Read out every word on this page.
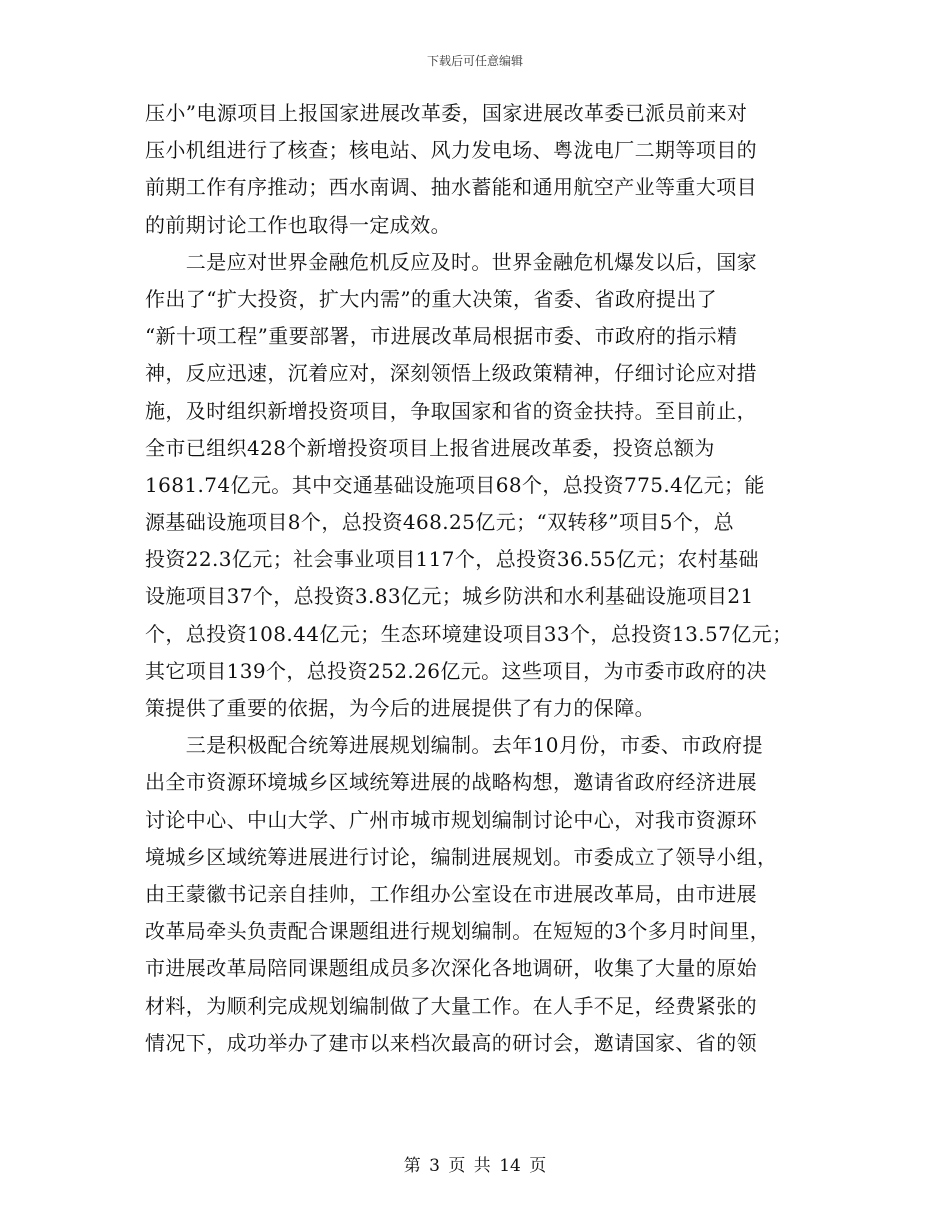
下载后可任意编辑
压小”电源项目上报国家进展改革委，国家进展改革委已派员前来对
压小机组进行了核查；核电站、风力发电场、粤泷电厂二期等项目的
前期工作有序推动；西水南调、抽水蓄能和通用航空产业等重大项目
的前期讨论工作也取得一定成效。
　　二是应对世界金融危机反应及时。世界金融危机爆发以后，国家
作出了“扩大投资，扩大内需”的重大决策，省委、省政府提出了
“新十项工程”重要部署，市进展改革局根据市委、市政府的指示精
神，反应迅速，沉着应对，深刻领悟上级政策精神，仔细讨论应对措
施，及时组织新增投资项目，争取国家和省的资金扶持。至目前止，
全市已组织428个新增投资项目上报省进展改革委，投资总额为
1681.74亿元。其中交通基础设施项目68个，总投资775.4亿元；能
源基础设施项目8个，总投资468.25亿元；“双转移”项目5个，总
投资22.3亿元；社会事业项目117个，总投资36.55亿元；农村基础
设施项目37个，总投资3.83亿元；城乡防洪和水利基础设施项目21
个，总投资108.44亿元；生态环境建设项目33个，总投资13.57亿元；
其它项目139个，总投资252.26亿元。这些项目，为市委市政府的决
策提供了重要的依据，为今后的进展提供了有力的保障。
　　三是积极配合统筹进展规划编制。去年10月份，市委、市政府提
出全市资源环境城乡区域统筹进展的战略构想，邀请省政府经济进展
讨论中心、中山大学、广州市城市规划编制讨论中心，对我市资源环
境城乡区域统筹进展进行讨论，编制进展规划。市委成立了领导小组，
由王蒙徽书记亲自挂帅，工作组办公室设在市进展改革局，由市进展
改革局牵头负责配合课题组进行规划编制。在短短的3个多月时间里，
市进展改革局陪同课题组成员多次深化各地调研，收集了大量的原始
材料，为顺利完成规划编制做了大量工作。在人手不足，经费紧张的
情况下，成功举办了建市以来档次最高的研讨会，邀请国家、省的领
第 3 页 共 14 页
